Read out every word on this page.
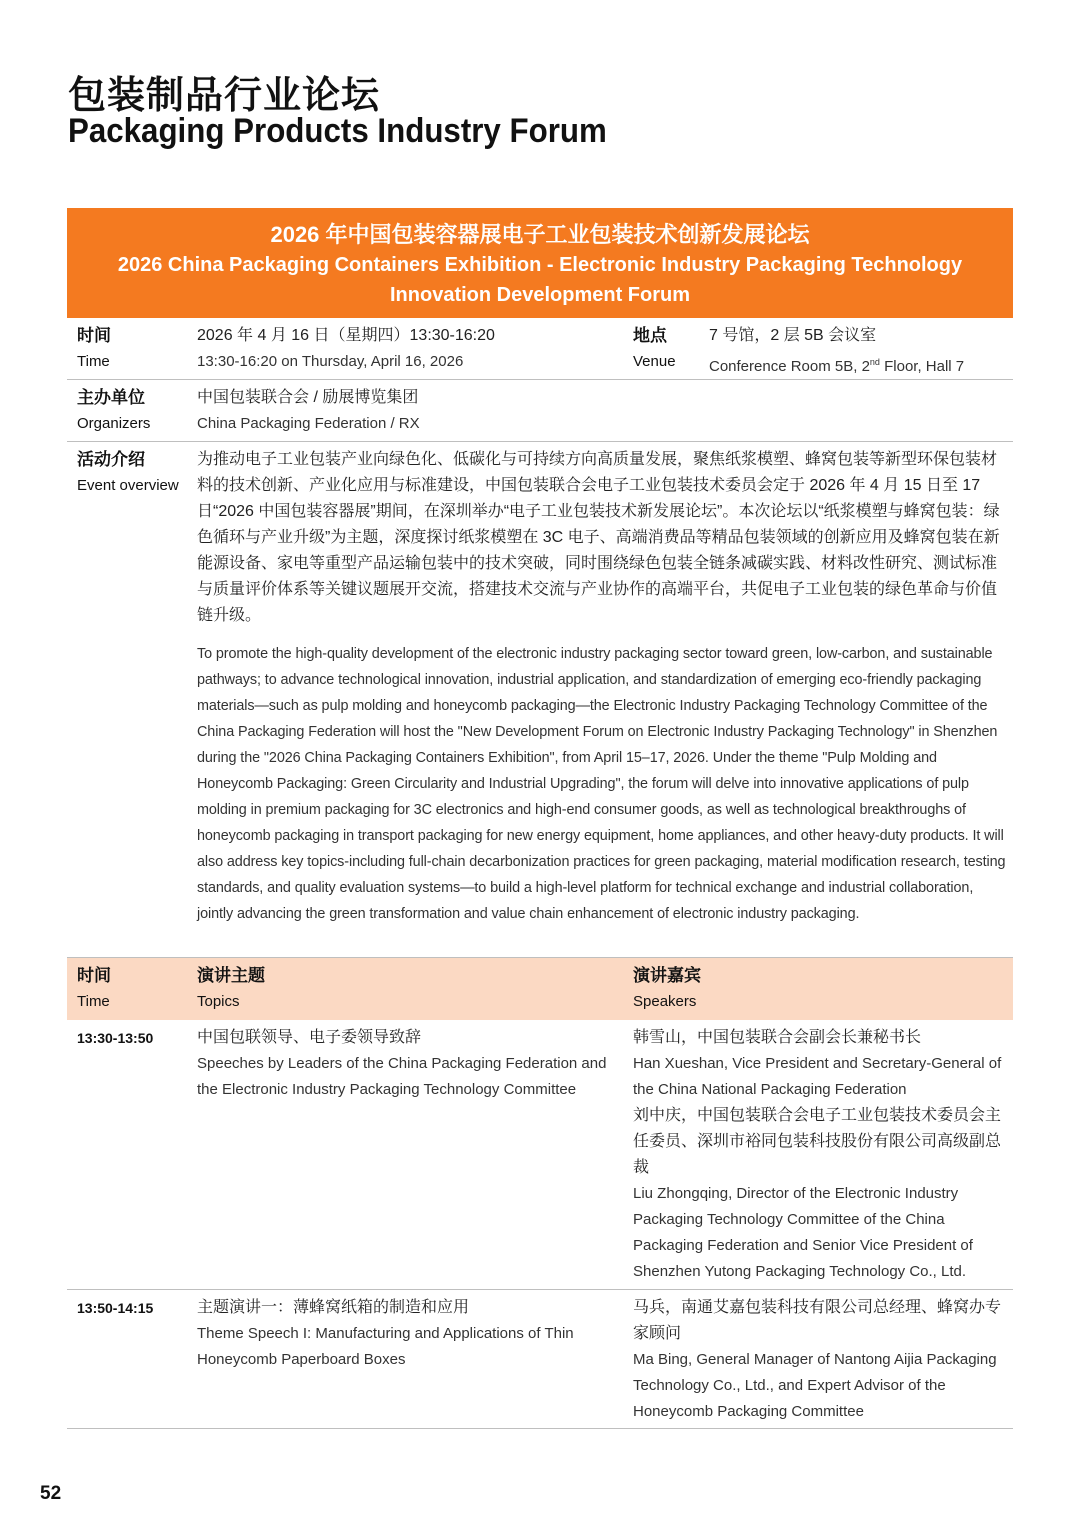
包装制品行业论坛
Packaging Products Industry Forum
2026 年中国包装容器展电子工业包装技术创新发展论坛
2026 China Packaging Containers Exhibition - Electronic Industry Packaging Technology Innovation Development Forum
时间
Time
2026 年 4 月 16 日（星期四）13:30-16:20
13:30-16:20 on Thursday, April 16, 2026
地点
Venue
7 号馆，2 层 5B 会议室
Conference Room 5B, 2nd Floor, Hall 7
主办单位
Organizers
中国包装联合会 / 励展博览集团
China Packaging Federation / RX
活动介绍
Event overview

为推动电子工业包装产业向绿色化、低碳化与可持续方向高质量发展，聚焦纸浆模塑、蜂窝包装等新型环保包装材料的技术创新、产业化应用与标准建设，中国包装联合会电子工业包装技术委员会定于 2026 年 4 月 15 日至 17 日“2026 中国包装容器展”期间，在深圳举办“电子工业包装技术新发展论坛”。本次论坛以“纸浆模塑与蜂窝包装：绿色循环与产业升级”为主题，深度探讨纸浆模塑在 3C 电子、高端消费品等精品包装领域的创新应用及蜂窝包装在新能源设备、家电等重型产品运输包装中的技术突破，同时围绕绿色包装全链条减碳实践、材料改性研究、测试标准与质量评价体系等关键议题展开交流，搭建技术交流与产业协作的高端平台，共促电子工业包装的绿色革命与价值链升级。

To promote the high-quality development of the electronic industry packaging sector toward green, low-carbon, and sustainable pathways; to advance technological innovation, industrial application, and standardization of emerging eco-friendly packaging materials—such as pulp molding and honeycomb packaging—the Electronic Industry Packaging Technology Committee of the China Packaging Federation will host the "New Development Forum on Electronic Industry Packaging Technology" in Shenzhen during the "2026 China Packaging Containers Exhibition", from April 15–17, 2026. Under the theme "Pulp Molding and Honeycomb Packaging: Green Circularity and Industrial Upgrading", the forum will delve into innovative applications of pulp molding in premium packaging for 3C electronics and high-end consumer goods, as well as technological breakthroughs of honeycomb packaging in transport packaging for new energy equipment, home appliances, and other heavy-duty products. It will also address key topics-including full-chain decarbonization practices for green packaging, material modification research, testing standards, and quality evaluation systems—to build a high-level platform for technical exchange and industrial collaboration, jointly advancing the green transformation and value chain enhancement of electronic industry packaging.

时间
Time
演讲主题
Topics
演讲嘉宾
Speakers
13:30-13:50	中国包联领导、电子委领导致辞
Speeches by Leaders of the China Packaging Federation and the Electronic Industry Packaging Technology Committee
韩雪山，中国包装联合会副会长兼秘书长
Han Xueshan, Vice President and Secretary-General of the China National Packaging Federation
刘中庆，中国包装联合会电子工业包装技术委员会主任委员、深圳市裕同包装科技股份有限公司高级副总裁
Liu Zhongqing, Director of the Electronic Industry Packaging Technology Committee of the China Packaging Federation and Senior Vice President of Shenzhen Yutong Packaging Technology Co., Ltd.
13:50-14:15	主题演讲一：薄蜂窝纸箱的制造和应用
Theme Speech I: Manufacturing and Applications of Thin Honeycomb Paperboard Boxes
马兵，南通艾嘉包装科技有限公司总经理、蜂窝办专家顾问
Ma Bing, General Manager of Nantong Aijia Packaging Technology Co., Ltd., and Expert Advisor of the Honeycomb Packaging Committee
52
